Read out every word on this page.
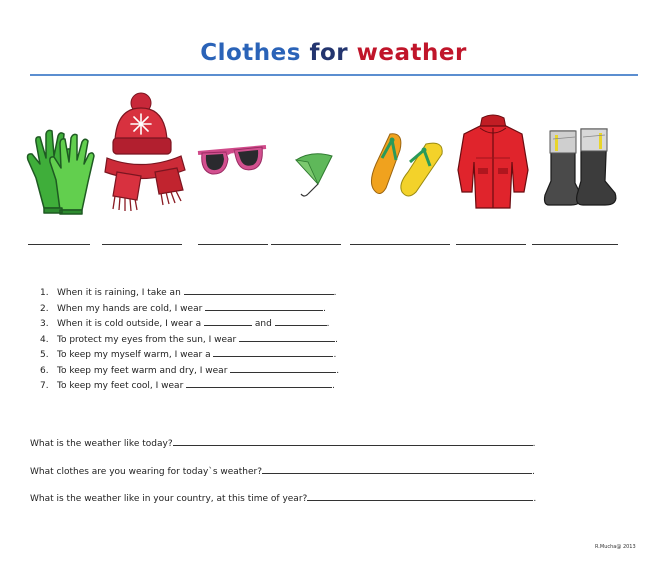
Clothes for weather
1. When it is raining, I take an	.
2. When my hands are cold, I wear	.
3. When it is cold outside, I wear a	and	.
4. To protect my eyes from the sun, I wear	.
5. To keep my myself warm, I wear a	.
6. To keep my feet warm and dry, I wear	.
7. To keep my feet cool, I wear	.
What is the weather like today?	.
What clothes are you wearing for today`s weather?	.
What is the weather like in your country, at this time of year?	.
R.Mucha@ 2013
